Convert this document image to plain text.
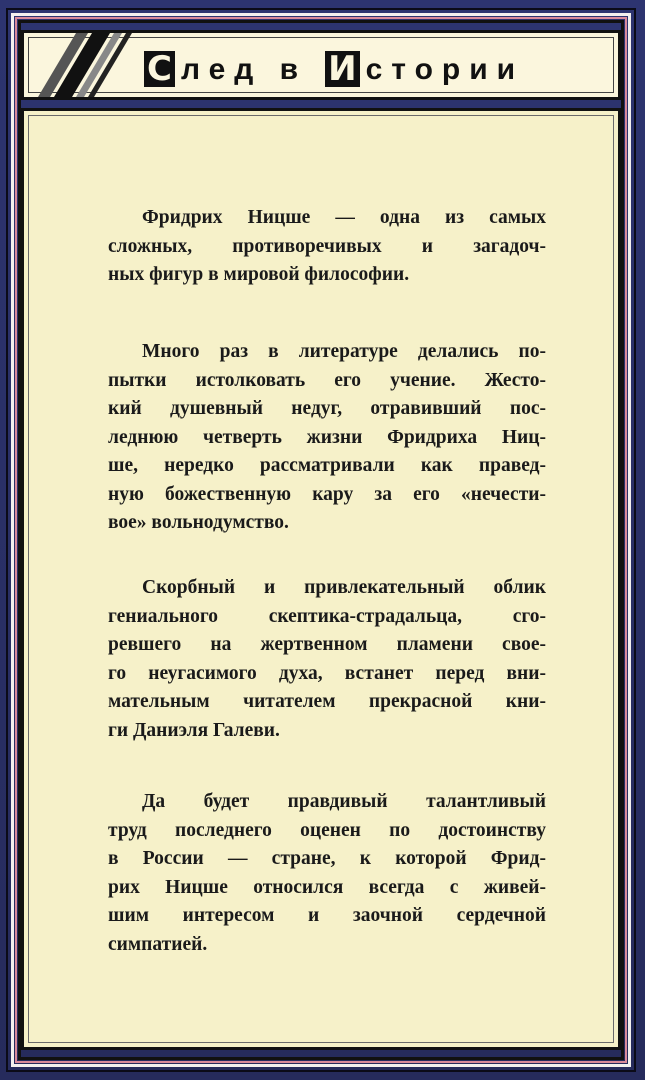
С лед в И стории
Фридрих Ницше — одна из самых
сложных, противоречивых и загадоч-
ных фигур в мировой философии.
Много раз в литературе делались по-
пытки истолковать его учение. Жесто-
кий душевный недуг, отравивший пос-
леднюю четверть жизни Фридриха Ниц-
ше, нередко рассматривали как правед-
ную божественную кару за его «нечести-
вое» вольнодумство.
Скорбный и привлекательный облик
гениального скептика-страдальца, сго-
ревшего на жертвенном пламени свое-
го неугасимого духа, встанет перед вни-
мательным читателем прекрасной кни-
ги Даниэля Галеви.
Да будет правдивый талантливый
труд последнего оценен по достоинству
в России — стране, к которой Фрид-
рих Ницше относился всегда с живей-
шим интересом и заочной сердечной
симпатией.
